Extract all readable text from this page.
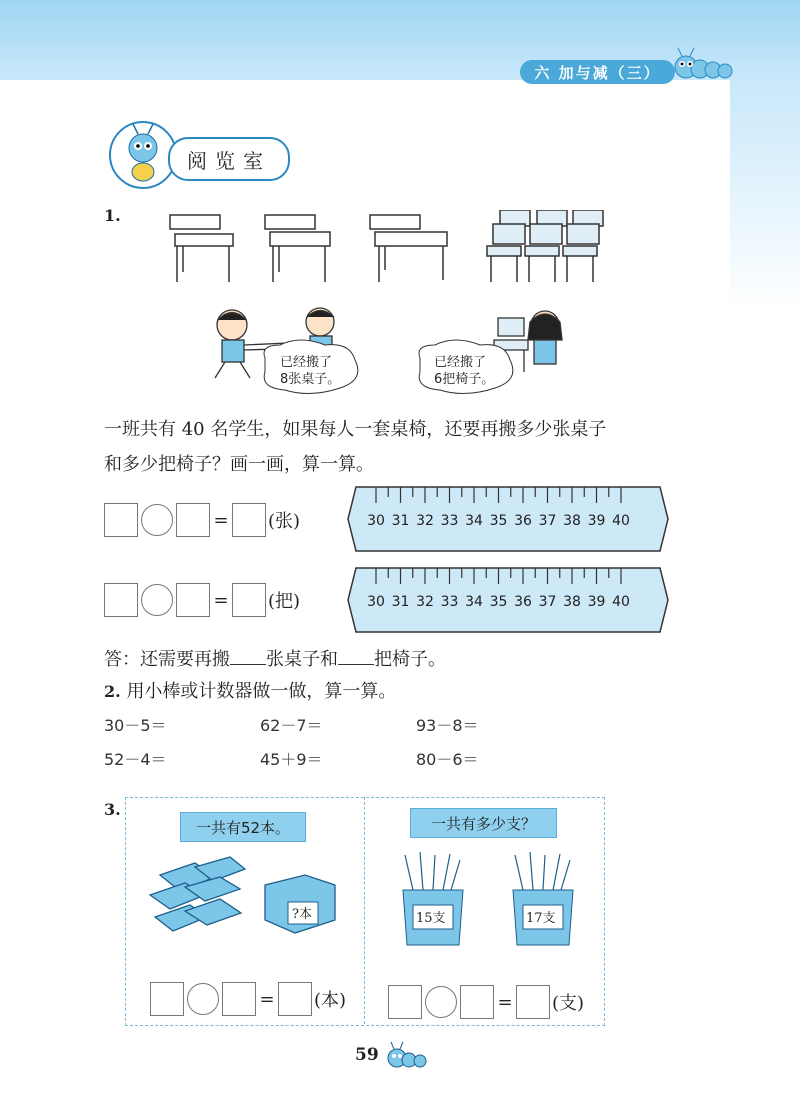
六 加与减（三）
阅览室
1.
已经搬了
8张桌子。
已经搬了
6把椅子。
一班共有 40 名学生，如果每人一套桌椅，还要再搬多少张桌子
和多少把椅子？画一画，算一算。
= (张)	30 31 32 33 34 35 36 37 38 39 40
= (把)	30 31 32 33 34 35 36 37 38 39 40
答：还需要再搬 张桌子和 把椅子。
2. 用小棒或计数器做一做，算一算。
30－5＝	62－7＝	93－8＝
52－4＝	45＋9＝	80－6＝
3.
一共有52本。
?本
= (本)
一共有多少支？
15支	17支
= (支)
59
